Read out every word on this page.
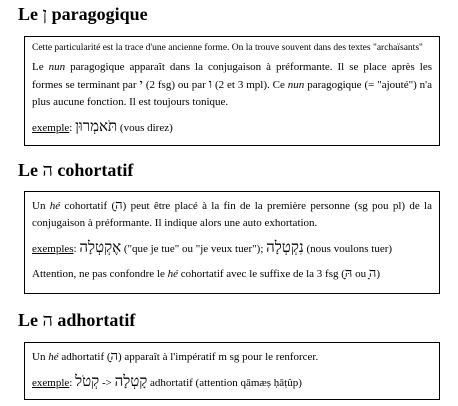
Le ן paragogique

Cette particularité est la trace d'une ancienne forme. On la trouve souvent dans des textes "archaïsants"

Le nun paragogique apparaît dans la conjugaison à préformante. Il se place après les formes se terminant par י (2 fsg) ou par ו (2 et 3 mpl). Ce nun paragogique (= "ajouté") n'a plus aucune fonction. Il est toujours tonique.

exemple: תֹּאמְרוּן (vous direz)

Le ה cohortatif

Un hé cohortatif (ָה) peut être placé à la fin de la première personne (sg pou pl) de la conjugaison à préformante. Il indique alors une auto exhortation.

exemples: אֶקְטְלָה ("que je tue" ou "je veux tuer"); נִקְטְלָה (nous voulons tuer)

Attention, ne pas confondre le hé cohortatif avec le suffixe de la 3 fsg (ָהּ ou ָה)

Le ה adhortatif

Un hé adhortatif (ָה) apparaît à l'impératif m sg pour le renforcer.

exemple: קְטֹל -> קָטְלָה adhortatif (attention qāmæṣ ḥāṭûp)
